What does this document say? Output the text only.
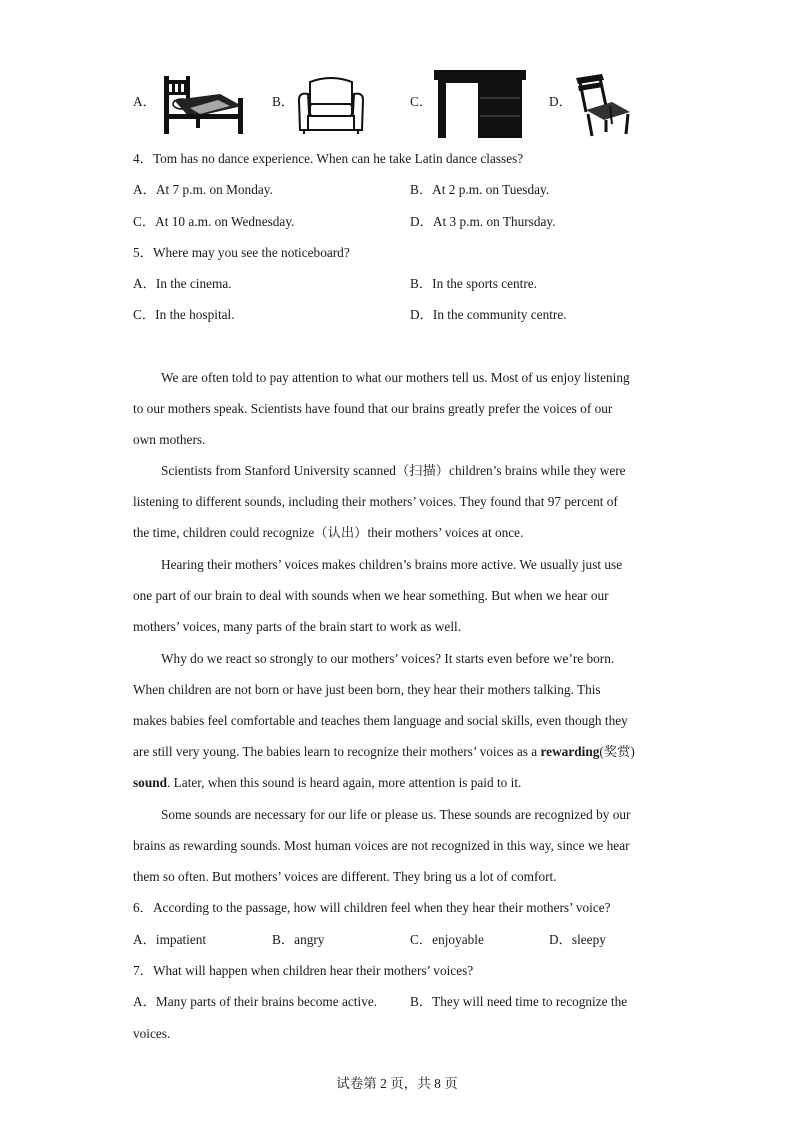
A．	B．	C．	D．
4．Tom has no dance experience. When can he take Latin dance classes?
A．At 7 p.m. on Monday.	B．At 2 p.m. on Tuesday.
C．At 10 a.m. on Wednesday.	D．At 3 p.m. on Thursday.
5．Where may you see the noticeboard?
A．In the cinema.	B．In the sports centre.
C．In the hospital.	D．In the community centre.
We are often told to pay attention to what our mothers tell us. Most of us enjoy listening
to our mothers speak. Scientists have found that our brains greatly prefer the voices of our
own mothers.
Scientists from Stanford University scanned（扫描）children’s brains while they were
listening to different sounds, including their mothers’ voices. They found that 97 percent of
the time, children could recognize（认出）their mothers’ voices at once.
Hearing their mothers’ voices makes children’s brains more active. We usually just use
one part of our brain to deal with sounds when we hear something. But when we hear our
mothers’ voices, many parts of the brain start to work as well.
Why do we react so strongly to our mothers’ voices? It starts even before we’re born.
When children are not born or have just been born, they hear their mothers talking. This
makes babies feel comfortable and teaches them language and social skills, even though they
are still very young. The babies learn to recognize their mothers’ voices as a rewarding(奖赏)
sound. Later, when this sound is heard again, more attention is paid to it.
Some sounds are necessary for our life or please us. These sounds are recognized by our
brains as rewarding sounds. Most human voices are not recognized in this way, since we hear
them so often. But mothers’ voices are different. They bring us a lot of comfort.
6．According to the passage, how will children feel when they hear their mothers’ voice?
A．impatient	B．angry	C．enjoyable	D．sleepy
7．What will happen when children hear their mothers’ voices?
A．Many parts of their brains become active. B．They will need time to recognize the
voices.
试卷第 2 页，共 8 页
